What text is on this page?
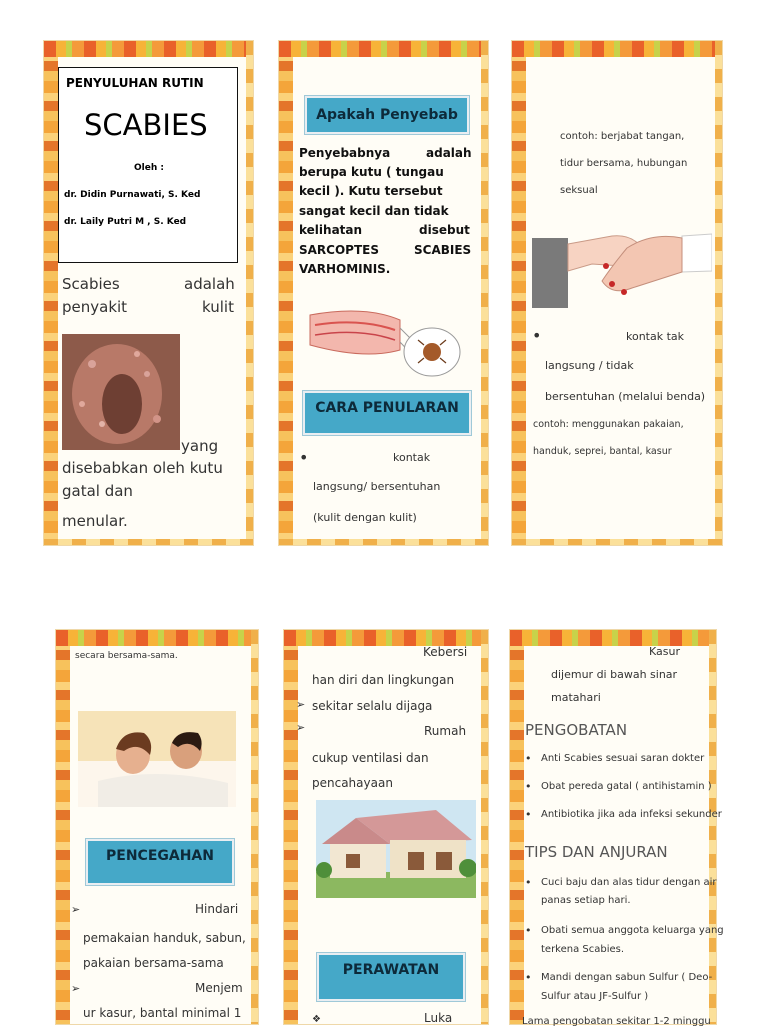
PENYULUHAN RUTIN
SCABIES
Oleh :
dr. Didin Purnawati, S. Ked
dr. Laily Putri M , S. Ked
Scabies	adalah
penyakit	kulit
yang
disebabkan oleh kutu
gatal dan
menular.
Apakah Penyebab
Penyebabnya	adalah
berupa kutu ( tungau
kecil ). Kutu tersebut
sangat kecil dan tidak
kelihatan	disebut
SARCOPTES	SCABIES
VARHOMINIS.
CARA PENULARAN
•	kontak
langsung/ bersentuhan
(kulit dengan kulit)
contoh: berjabat tangan,
tidur bersama, hubungan
seksual
•	kontak tak
langsung / tidak
bersentuhan (melalui benda)
contoh: menggunakan pakaian,
handuk, seprei, bantal, kasur
secara bersama-sama.
PENCEGAHAN
➢	Hindari
pemakaian handuk, sabun,
pakaian bersama-sama
➢	Menjem
ur kasur, bantal minimal 1
Kebersi
han diri dan lingkungan
➢ sekitar selalu dijaga
➢	Rumah
cukup ventilasi dan
pencahayaan
PERAWATAN
❖	Luka
Kasur
dijemur di bawah sinar
matahari
PENGOBATAN
• Anti Scabies sesuai saran dokter
• Obat pereda gatal ( antihistamin )
• Antibiotika jika ada infeksi sekunder
TIPS DAN ANJURAN
• Cuci baju dan alas tidur dengan air
panas setiap hari.
• Obati semua anggota keluarga yang
terkena Scabies.
• Mandi dengan sabun Sulfur ( Deo-
Sulfur atau JF-Sulfur )
Lama pengobatan sekitar 1-2 minggu
